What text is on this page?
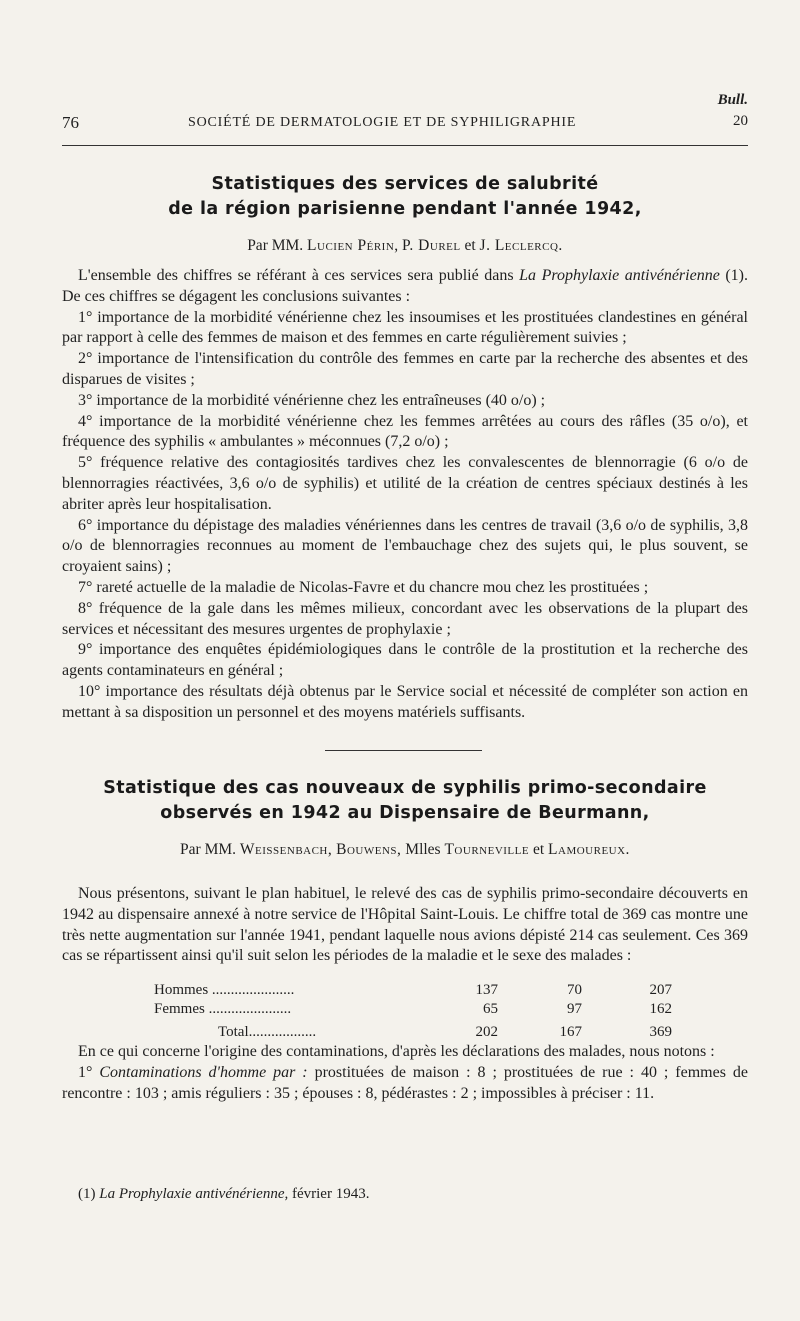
Bull.
76	SOCIÉTÉ DE DERMATOLOGIE ET DE SYPHILIGRAPHIE	20
Statistiques des services de salubrité
de la région parisienne pendant l'année 1942,
Par MM. Lucien Périn, P. Durel et J. Leclercq.

L'ensemble des chiffres se référant à ces services sera publié dans La Prophylaxie antivénérienne (1). De ces chiffres se dégagent les conclusions suivantes :

1° importance de la morbidité vénérienne chez les insoumises et les prostituées clandestines en général par rapport à celle des femmes de maison et des femmes en carte régulièrement suivies ;
2° importance de l'intensification du contrôle des femmes en carte par la recherche des absentes et des disparues de visites ;
3° importance de la morbidité vénérienne chez les entraîneuses (40 o/o) ;
4° importance de la morbidité vénérienne chez les femmes arrêtées au cours des râfles (35 o/o), et fréquence des syphilis « ambulantes » méconnues (7,2 o/o) ;
5° fréquence relative des contagiosités tardives chez les convalescentes de blennorragie (6 o/o de blennorragies réactivées, 3,6 o/o de syphilis) et utilité de la création de centres spéciaux destinés à les abriter après leur hospitalisation.
6° importance du dépistage des maladies vénériennes dans les centres de travail (3,6 o/o de syphilis, 3,8 o/o de blennorragies reconnues au moment de l'embauchage chez des sujets qui, le plus souvent, se croyaient sains) ;
7° rareté actuelle de la maladie de Nicolas-Favre et du chancre mou chez les prostituées ;
8° fréquence de la gale dans les mêmes milieux, concordant avec les observations de la plupart des services et nécessitant des mesures urgentes de prophylaxie ;
9° importance des enquêtes épidémiologiques dans le contrôle de la prostitution et la recherche des agents contaminateurs en général ;
10° importance des résultats déjà obtenus par le Service social et nécessité de compléter son action en mettant à sa disposition un personnel et des moyens matériels suffisants.
Statistique des cas nouveaux de syphilis primo-secondaire
observés en 1942 au Dispensaire de Beurmann,
Par MM. Weissenbach, Bouwens, Mlles Tourneville et Lamoureux.

Nous présentons, suivant le plan habituel, le relevé des cas de syphilis primo-secondaire découverts en 1942 au dispensaire annexé à notre service de l'Hôpital Saint-Louis. Le chiffre total de 369 cas montre une très nette augmentation sur l'année 1941, pendant laquelle nous avions dépisté 214 cas seulement. Ces 369 cas se répartissent ainsi qu'il suit selon les périodes de la maladie et le sexe des malades :

Hommes ......................	137	70	207
Femmes ......................	65	97	162
Total..................	202	167	369

En ce qui concerne l'origine des contaminations, d'après les déclarations des malades, nous notons :

1° Contaminations d'homme par : prostituées de maison : 8 ; prostituées de rue : 40 ; femmes de rencontre : 103 ; amis réguliers : 35 ; épouses : 8, pédérastes : 2 ; impossibles à préciser : 11.
(1) La Prophylaxie antivénérienne, février 1943.
